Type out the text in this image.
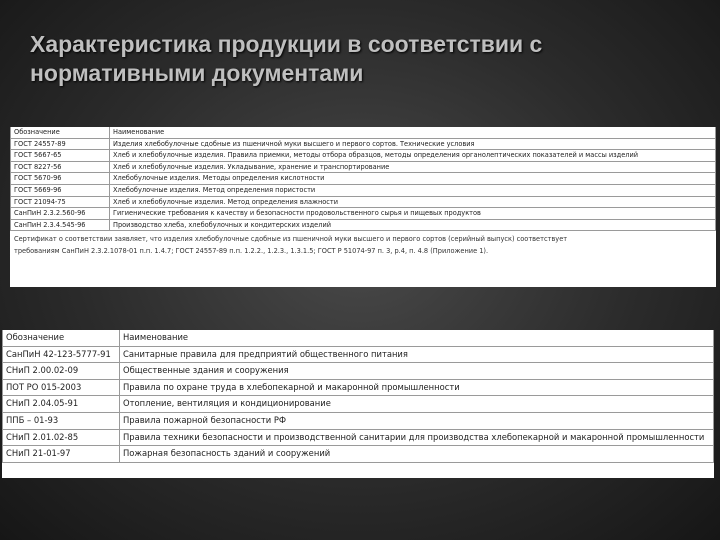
Характеристика продукции в соответствии с
нормативными документами
Обозначение	Наименование
ГОСТ 24557-89	Изделия хлебобулочные сдобные из пшеничной муки высшего и первого сортов. Технические условия
ГОСТ 5667-65	Хлеб и хлебобулочные изделия. Правила приемки, методы отбора образцов, методы определения органолептических показателей и массы изделий
ГОСТ 8227-56	Хлеб и хлебобулочные изделия. Укладывание, хранение и транспортирование
ГОСТ 5670-96	Хлебобулочные изделия. Методы определения кислотности
ГОСТ 5669-96	Хлебобулочные изделия. Метод определения пористости
ГОСТ 21094-75	Хлеб и хлебобулочные изделия. Метод определения влажности
СанПиН 2.3.2.560-96	Гигиенические требования к качеству и безопасности продовольственного сырья и пищевых продуктов
СанПиН 2.3.4.545-96	Производство хлеба, хлебобулочных и кондитерских изделий
Сертификат о соответствии заявляет, что изделия хлебобулочные сдобные из пшеничной муки высшего и первого сортов (серийный выпуск) соответствует
требованиям СанПиН 2.3.2.1078-01 п.п. 1.4.7; ГОСТ 24557-89 п.п. 1.2.2., 1.2.3., 1.3.1.5; ГОСТ Р 51074-97 п. 3, р.4, п. 4.8 (Приложение 1).
Обозначение	Наименование
СанПиН 42-123-5777-91	Санитарные правила для предприятий общественного питания
СНиП 2.00.02-09	Общественные здания и сооружения
ПОТ РО 015-2003	Правила по охране труда в хлебопекарной и макаронной промышленности
СНиП 2.04.05-91	Отопление, вентиляция и кондиционирование
ППБ – 01-93	Правила пожарной безопасности РФ
СНиП 2.01.02-85	Правила техники безопасности и производственной санитарии для производства хлебопекарной и макаронной промышленности
СНиП 21-01-97	Пожарная безопасность зданий и сооружений
